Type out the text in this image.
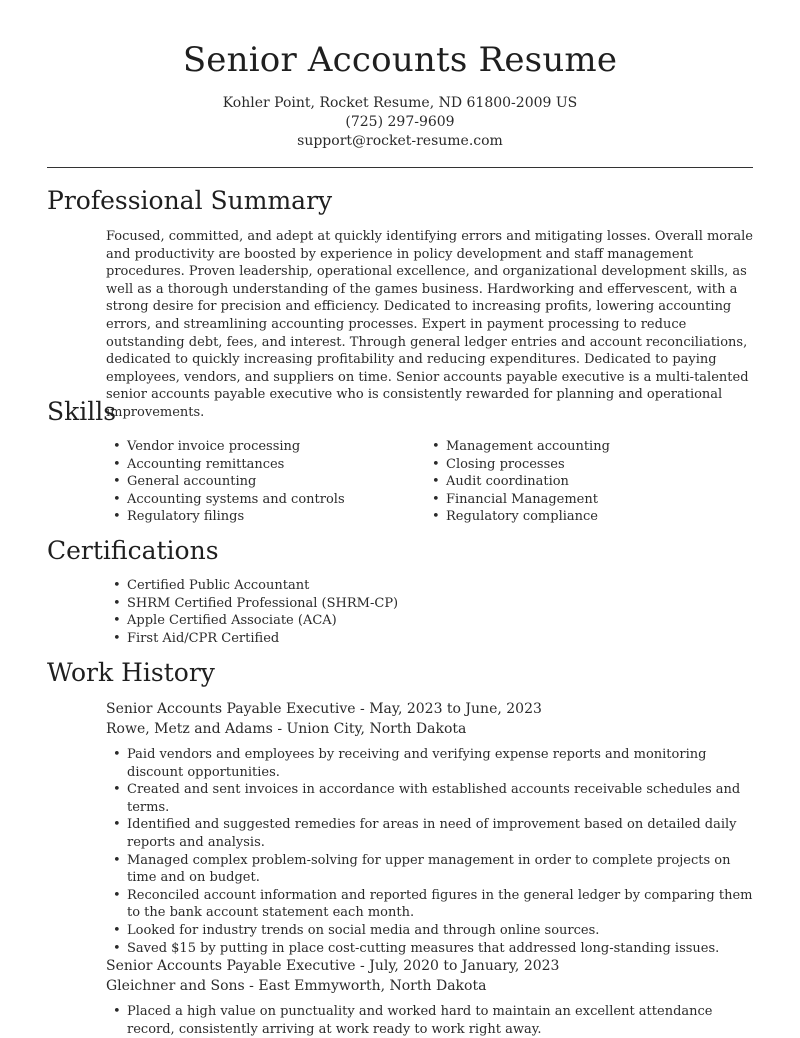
Senior Accounts Resume
Kohler Point, Rocket Resume, ND 61800-2009 US
(725) 297-9609
support@rocket-resume.com
Professional Summary
Focused, committed, and adept at quickly identifying errors and mitigating losses. Overall morale and productivity are boosted by experience in policy development and staff management procedures. Proven leadership, operational excellence, and organizational development skills, as well as a thorough understanding of the games business. Hardworking and effervescent, with a strong desire for precision and efficiency. Dedicated to increasing profits, lowering accounting errors, and streamlining accounting processes. Expert in payment processing to reduce outstanding debt, fees, and interest. Through general ledger entries and account reconciliations, dedicated to quickly increasing profitability and reducing expenditures. Dedicated to paying employees, vendors, and suppliers on time. Senior accounts payable executive is a multi-talented senior accounts payable executive who is consistently rewarded for planning and operational improvements.
Skills
• Vendor invoice processing
• Accounting remittances
• General accounting
• Accounting systems and controls
• Regulatory filings
• Management accounting
• Closing processes
• Audit coordination
• Financial Management
• Regulatory compliance
Certifications
• Certified Public Accountant
• SHRM Certified Professional (SHRM-CP)
• Apple Certified Associate (ACA)
• First Aid/CPR Certified
Work History
Senior Accounts Payable Executive - May, 2023 to June, 2023
Rowe, Metz and Adams - Union City, North Dakota
• Paid vendors and employees by receiving and verifying expense reports and monitoring discount opportunities.
• Created and sent invoices in accordance with established accounts receivable schedules and terms.
• Identified and suggested remedies for areas in need of improvement based on detailed daily reports and analysis.
• Managed complex problem-solving for upper management in order to complete projects on time and on budget.
• Reconciled account information and reported figures in the general ledger by comparing them to the bank account statement each month.
• Looked for industry trends on social media and through online sources.
• Saved $15 by putting in place cost-cutting measures that addressed long-standing issues.
Senior Accounts Payable Executive - July, 2020 to January, 2023
Gleichner and Sons - East Emmyworth, North Dakota
• Placed a high value on punctuality and worked hard to maintain an excellent attendance record, consistently arriving at work ready to work right away.
